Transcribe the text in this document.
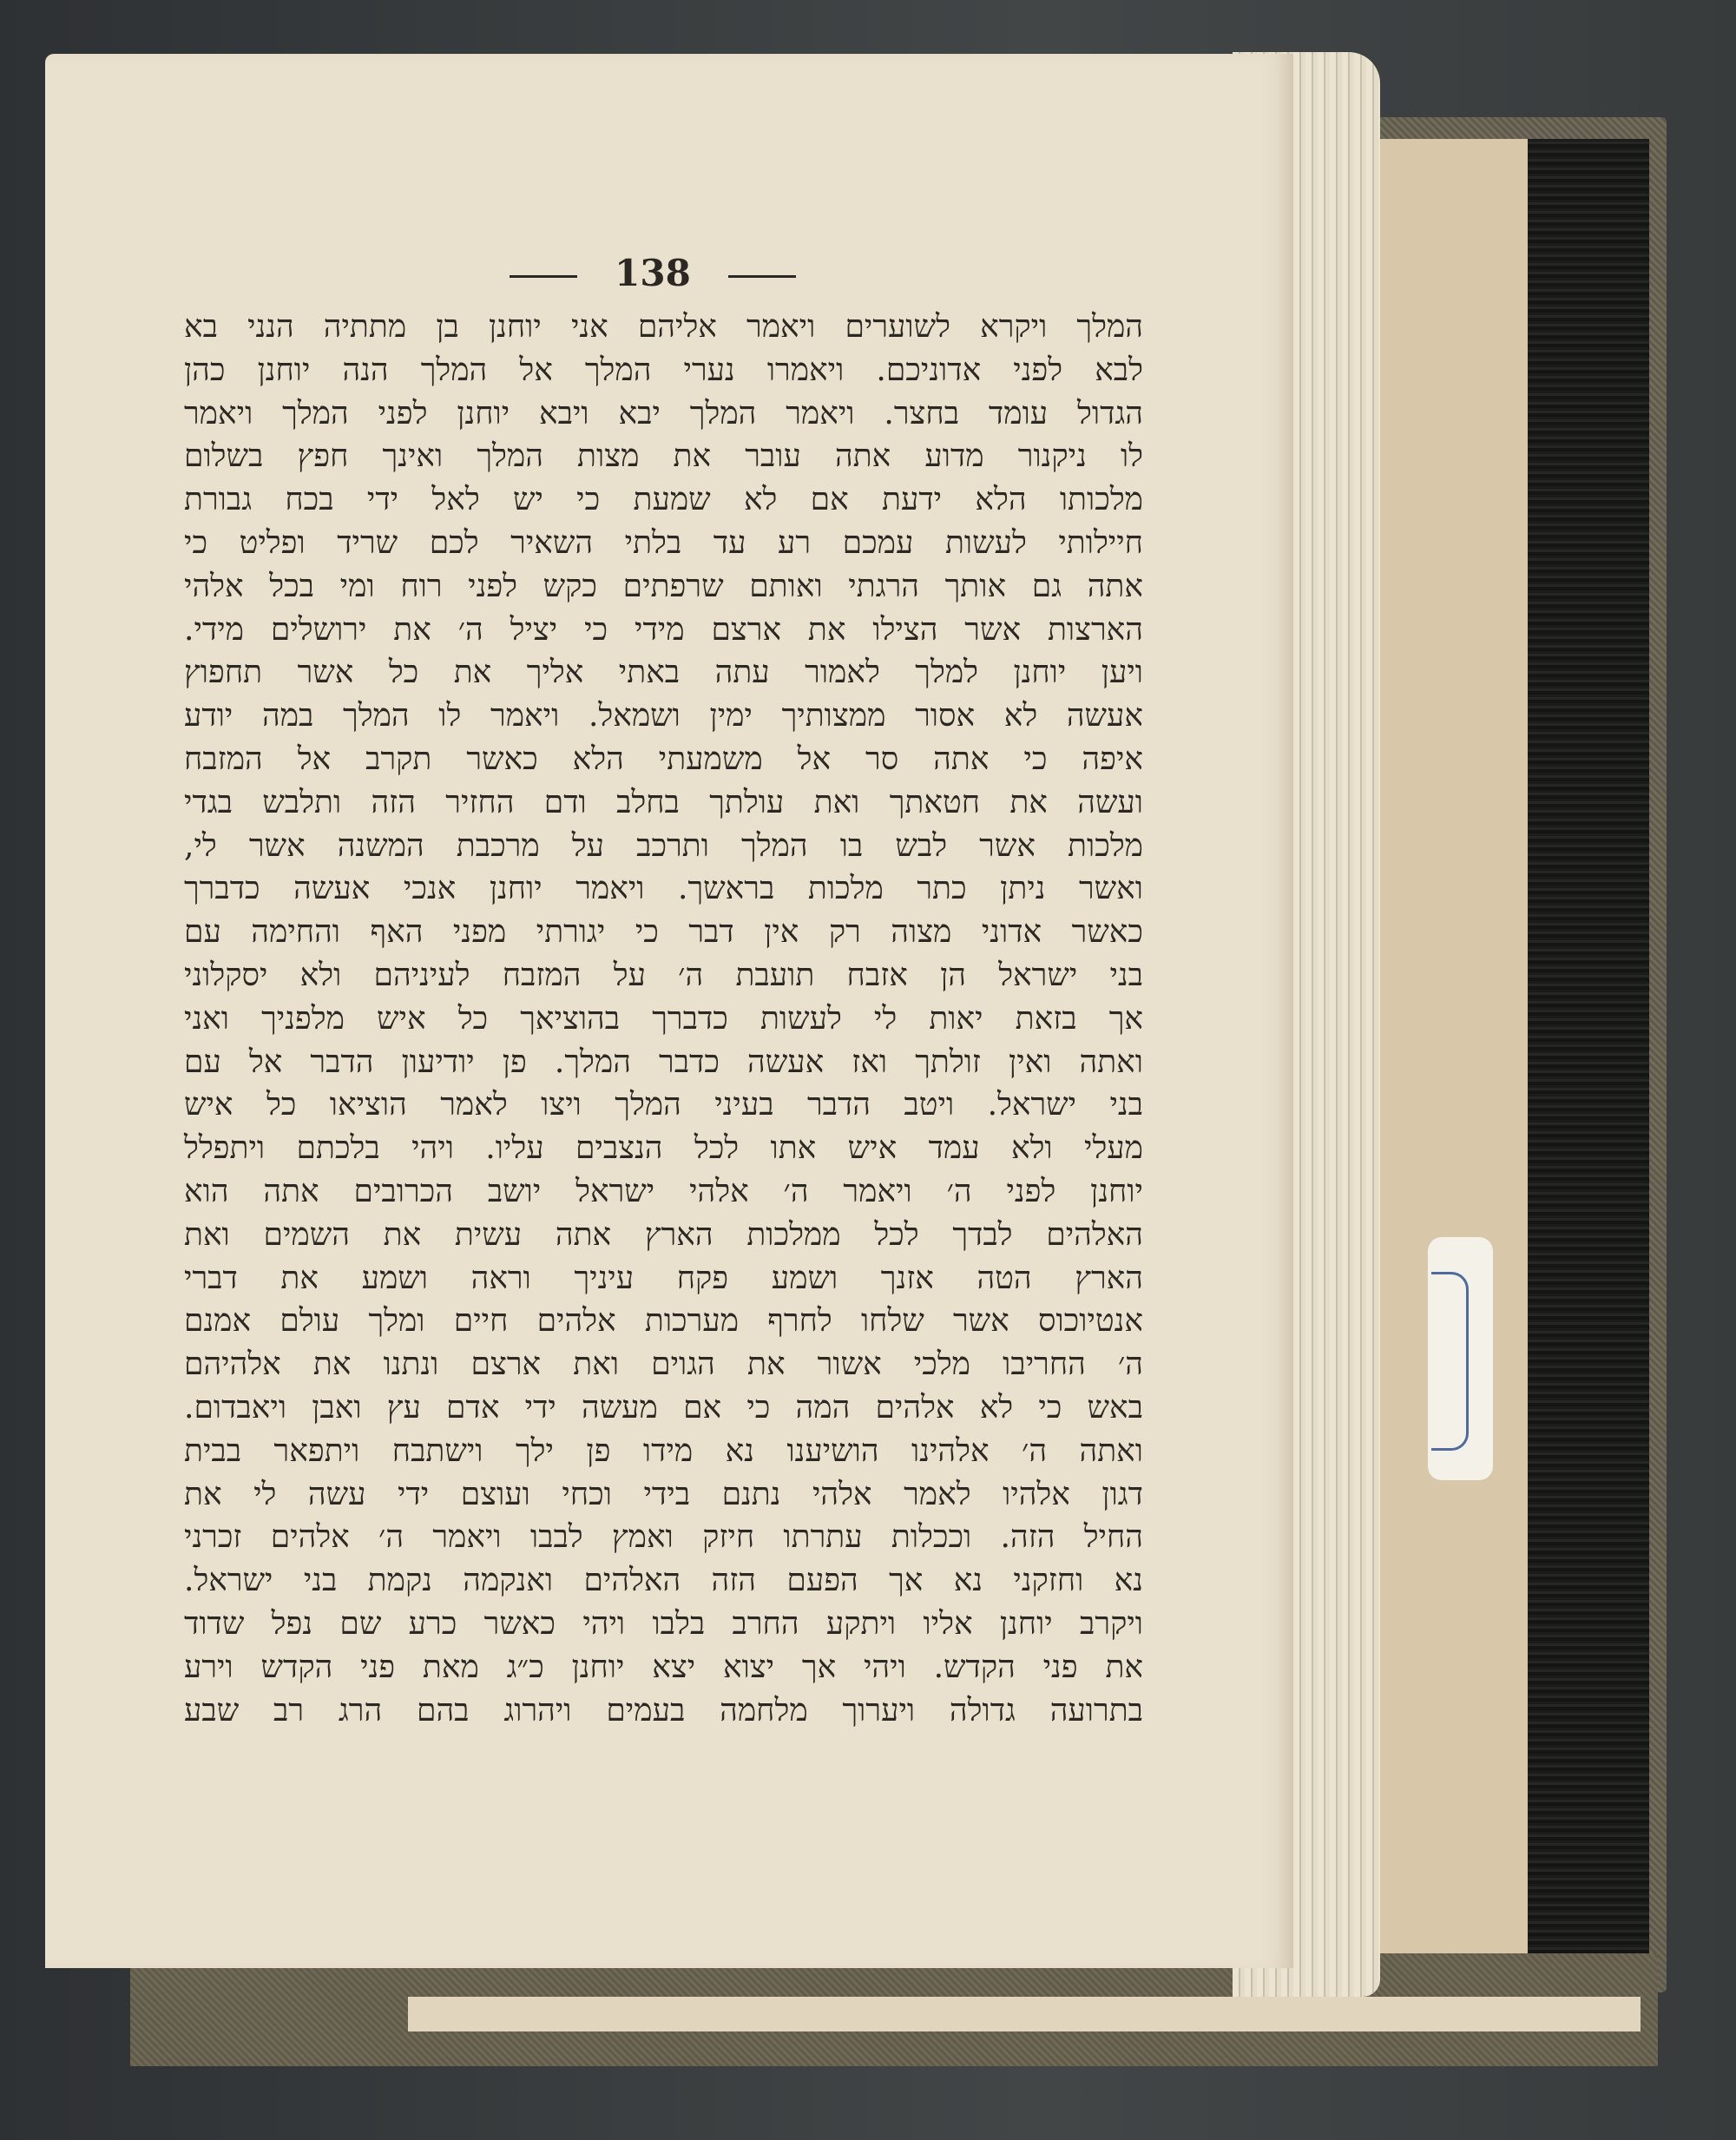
138
המלך ויקרא לשוערים ויאמר אליהם אני יוחנן בן מתתיה הנני בא
לבא לפני אדוניכם. ויאמרו נערי המלך אל המלך הנה יוחנן כהן
הגדול עומד בחצר. ויאמר המלך יבא ויבא יוחנן לפני המלך ויאמר
לו ניקנור מדוע אתה עובר את מצות המלך ואינך חפץ בשלום
מלכותו הלא ידעת אם לא שמעת כי יש לאל ידי בכח גבורת
חיילותי לעשות עמכם רע עד בלתי השאיר לכם שריד ופליט כי
אתה גם אותך הרגתי ואותם שרפתים כקש לפני רוח ומי בכל אלהי
הארצות אשר הצילו את ארצם מידי כי יציל ה׳ את ירושלים מידי.
ויען יוחנן למלך לאמור עתה באתי אליך את כל אשר תחפוץ
אעשה לא אסור ממצותיך ימין ושמאל. ויאמר לו המלך במה יודע
איפה כי אתה סר אל משמעתי הלא כאשר תקרב אל המזבח
ועשה את חטאתך ואת עולתך בחלב ודם החזיר הזה ותלבש בגדי
מלכות אשר לבש בו המלך ותרכב על מרכבת המשנה אשר לי,
ואשר ניתן כתר מלכות בראשך. ויאמר יוחנן אנכי אעשה כדברך
כאשר אדוני מצוה רק אין דבר כי יגורתי מפני האף והחימה עם
בני ישראל הן אזבח תועבת ה׳ על המזבח לעיניהם ולא יסקלוני
אך בזאת יאות לי לעשות כדברך בהוציאך כל איש מלפניך ואני
ואתה ואין זולתך ואז אעשה כדבר המלך. פן יודיעון הדבר אל עם
בני ישראל. ויטב הדבר בעיני המלך ויצו לאמר הוציאו כל איש
מעלי ולא עמד איש אתו לכל הנצבים עליו. ויהי בלכתם ויתפלל
יוחנן לפני ה׳ ויאמר ה׳ אלהי ישראל יושב הכרובים אתה הוא
האלהים לבדך לכל ממלכות הארץ אתה עשית את השמים ואת
הארץ הטה אזנך ושמע פקח עיניך וראה ושמע את דברי
אנטיוכוס אשר שלחו לחרף מערכות אלהים חיים ומלך עולם אמנם
ה׳ החריבו מלכי אשור את הגוים ואת ארצם ונתנו את אלהיהם
באש כי לא אלהים המה כי אם מעשה ידי אדם עץ ואבן ויאבדום.
ואתה ה׳ אלהינו הושיענו נא מידו פן ילך וישתבח ויתפאר בבית
דגון אלהיו לאמר אלהי נתנם בידי וכחי ועוצם ידי עשה לי את
החיל הזה. וככלות עתרתו חיזק ואמץ לבבו ויאמר ה׳ אלהים זכרני
נא וחזקני נא אך הפעם הזה האלהים ואנקמה נקמת בני ישראל.
ויקרב יוחנן אליו ויתקע החרב בלבו ויהי כאשר כרע שם נפל שדוד
את פני הקדש. ויהי אך יצוא יצא יוחנן כ״ג מאת פני הקדש וירע
בתרועה גדולה ויערוך מלחמה בעמים ויהרוג בהם הרג רב שבע
